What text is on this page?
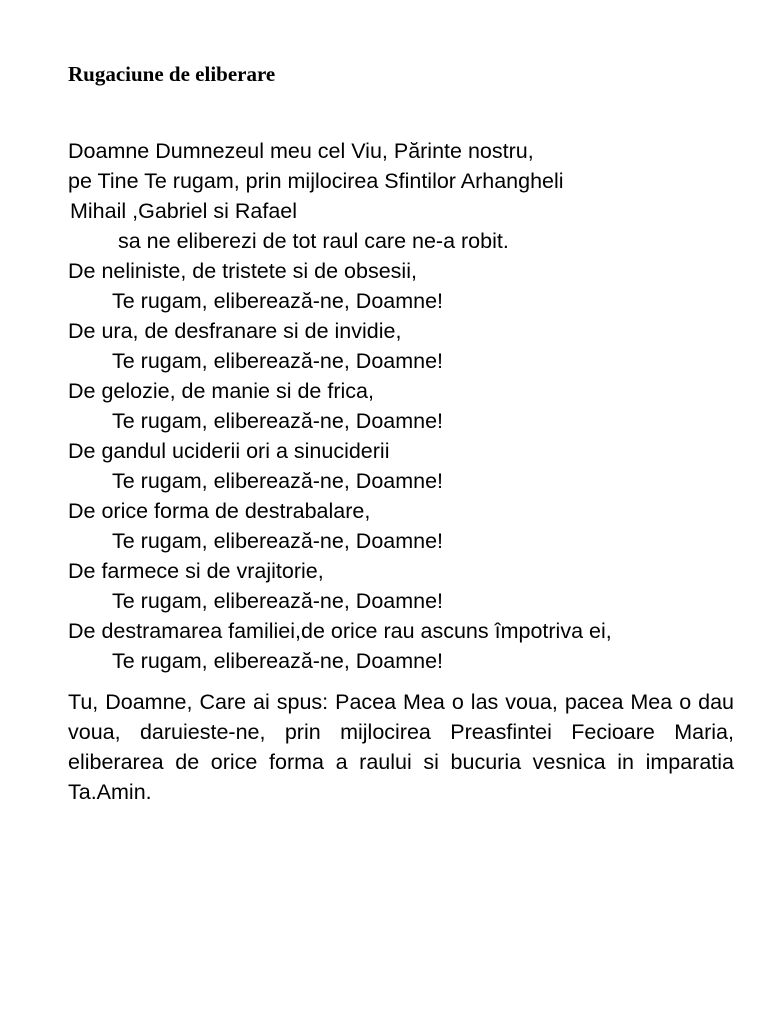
Rugaciune de eliberare
Doamne Dumnezeul meu cel Viu, Părinte nostru,
pe Tine Te rugam, prin mijlocirea Sfintilor Arhangheli
Mihail ,Gabriel si Rafael
sa ne eliberezi de tot raul care ne-a robit.
De neliniste, de tristete si de obsesii,
Te rugam, eliberează-ne, Doamne!
De ura, de desfranare si de invidie,
Te rugam, eliberează-ne, Doamne!
De gelozie, de manie si de frica,
Te rugam, eliberează-ne, Doamne!
De gandul uciderii ori a sinuciderii
Te rugam, eliberează-ne, Doamne!
De orice forma de destrabalare,
Te rugam, eliberează-ne, Doamne!
De farmece si de vrajitorie,
Te rugam, eliberează-ne, Doamne!
De destramarea familiei,de orice rau ascuns împotriva ei,
Te rugam, eliberează-ne, Doamne!
Tu, Doamne, Care ai spus: Pacea Mea o las voua, pacea Mea o dau voua, daruieste-ne, prin mijlocirea Preasfintei Fecioare Maria, eliberarea de orice forma a raului si bucuria vesnica in imparatia Ta.Amin.
